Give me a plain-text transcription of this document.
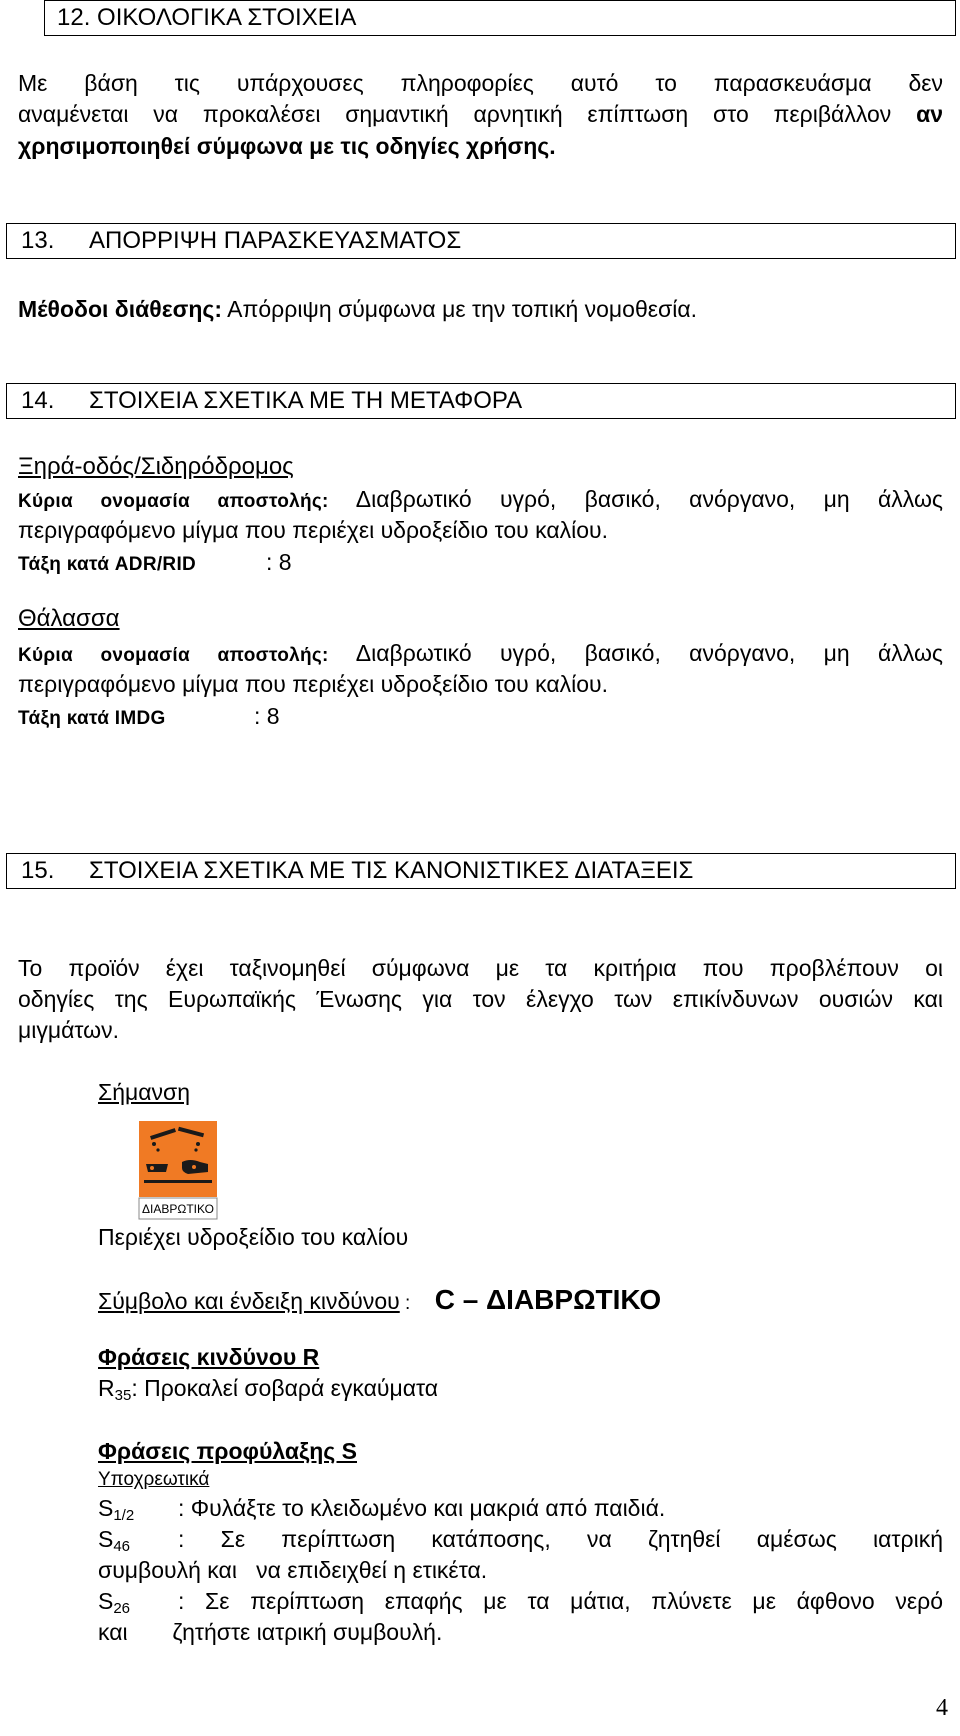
12. ΟΙΚΟΛΟΓΙΚΑ ΣΤΟΙΧΕΙΑ
Με βάση τις υπάρχουσες πληροφορίες αυτό το παρασκευάσμα δεν
αναμένεται να προκαλέσει σημαντική αρνητική επίπτωση στο περιβάλλον αν
χρησιμοποιηθεί σύμφωνα με τις οδηγίες χρήσης.
13.	ΑΠΟΡΡΙΨΗ ΠΑΡΑΣΚΕΥΑΣΜΑΤΟΣ
Μέθοδοι διάθεσης: Απόρριψη σύμφωνα με την τοπική νομοθεσία.
14.	ΣΤΟΙΧΕΙΑ ΣΧΕΤΙΚΑ ΜΕ ΤΗ ΜΕΤΑΦΟΡΑ
Ξηρά-οδός/Σιδηρόδρομος
Κύρια ονομασία αποστολής: Διαβρωτικό υγρό, βασικό, ανόργανο, μη άλλως
περιγραφόμενο μίγμα που περιέχει υδροξείδιο του καλίου.
Τάξη κατά ADR/RID	: 8
Θάλασσα
Κύρια ονομασία αποστολής: Διαβρωτικό υγρό, βασικό, ανόργανο, μη άλλως
περιγραφόμενο μίγμα που περιέχει υδροξείδιο του καλίου.
Τάξη κατά IMDG	: 8
15.	ΣΤΟΙΧΕΙΑ ΣΧΕΤΙΚΑ ΜΕ ΤΙΣ ΚΑΝΟΝΙΣΤΙΚΕΣ ΔΙΑΤΑΞΕΙΣ
Το προϊόν έχει ταξινομηθεί σύμφωνα με τα κριτήρια που προβλέπουν οι
οδηγίες της Ευρωπαϊκής Ένωσης για τον έλεγχο των επικίνδυνων ουσιών και
μιγμάτων.
Σήμανση
ΔΙΑΒΡΩΤΙΚΟ
Περιέχει υδροξείδιο του καλίου
Σύμβολο και ένδειξη κινδύνου : C – ΔΙΑΒΡΩΤΙΚΟ
Φράσεις κινδύνου R
$R_{35}$: Προκαλεί σοβαρά εγκαύματα
Φράσεις προφύλαξης S
Υποχρεωτικά
$S_{1/2}$ : Φυλάξτε το κλειδωμένο και μακριά από παιδιά.
$S_{46}$	: Σε περίπτωση κατάποσης, να ζητηθεί αμέσως ιατρική
συμβουλή και   να επιδειχθεί η ετικέτα.
$S_{26}$	: Σε περίπτωση επαφής με τα μάτια, πλύνετε με άφθονο νερό
και       ζητήστε ιατρική συμβουλή.
4
